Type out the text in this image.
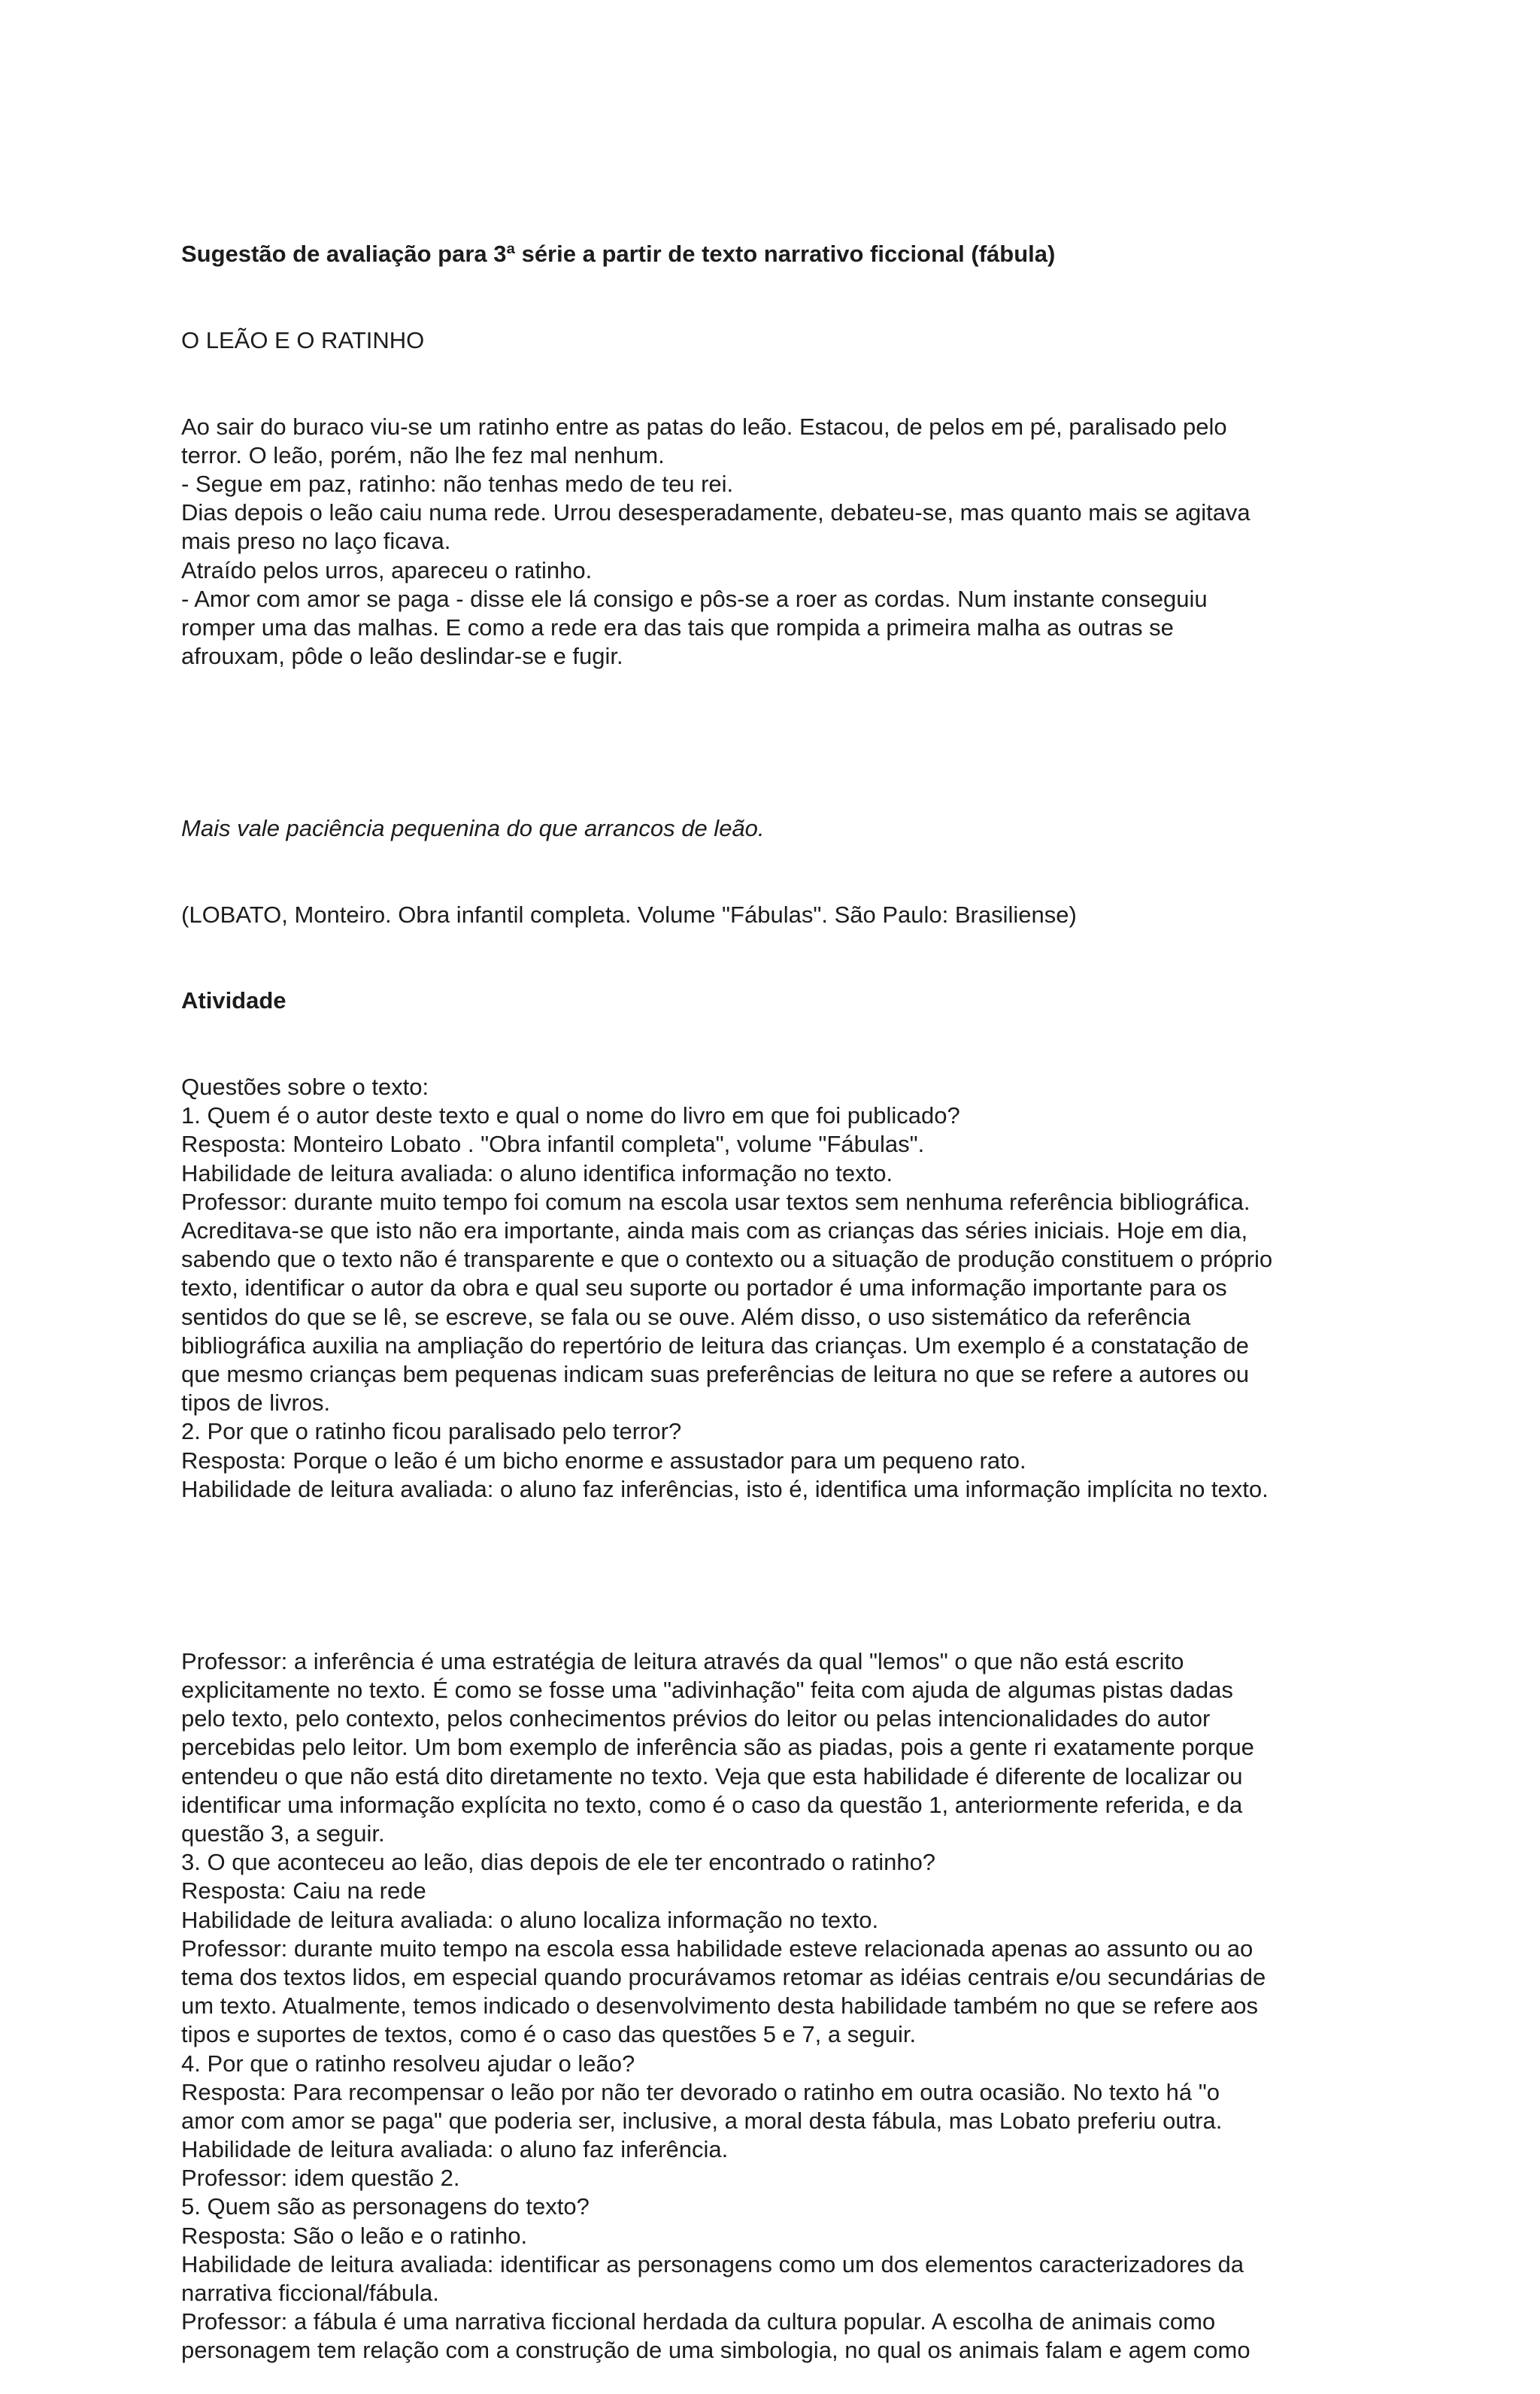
Sugestão de avaliação para 3ª série a partir de texto narrativo ficcional (fábula)

O LEÃO E O RATINHO

Ao sair do buraco viu-se um ratinho entre as patas do leão. Estacou, de pelos em pé, paralisado pelo
terror. O leão, porém, não lhe fez mal nenhum.
- Segue em paz, ratinho: não tenhas medo de teu rei.
Dias depois o leão caiu numa rede. Urrou desesperadamente, debateu-se, mas quanto mais se agitava
mais preso no laço ficava.
Atraído pelos urros, apareceu o ratinho.
- Amor com amor se paga - disse ele lá consigo e pôs-se a roer as cordas. Num instante conseguiu
romper uma das malhas. E como a rede era das tais que rompida a primeira malha as outras se
afrouxam, pôde o leão deslindar-se e fugir.

Mais vale paciência pequenina do que arrancos de leão.

(LOBATO, Monteiro. Obra infantil completa. Volume "Fábulas". São Paulo: Brasiliense)

Atividade

Questões sobre o texto:
1. Quem é o autor deste texto e qual o nome do livro em que foi publicado?
Resposta: Monteiro Lobato . "Obra infantil completa", volume "Fábulas".
Habilidade de leitura avaliada: o aluno identifica informação no texto.
Professor: durante muito tempo foi comum na escola usar textos sem nenhuma referência bibliográfica.
Acreditava-se que isto não era importante, ainda mais com as crianças das séries iniciais. Hoje em dia,
sabendo que o texto não é transparente e que o contexto ou a situação de produção constituem o próprio
texto, identificar o autor da obra e qual seu suporte ou portador é uma informação importante para os
sentidos do que se lê, se escreve, se fala ou se ouve. Além disso, o uso sistemático da referência
bibliográfica auxilia na ampliação do repertório de leitura das crianças. Um exemplo é a constatação de
que mesmo crianças bem pequenas indicam suas preferências de leitura no que se refere a autores ou
tipos de livros.
2. Por que o ratinho ficou paralisado pelo terror?
Resposta: Porque o leão é um bicho enorme e assustador para um pequeno rato.
Habilidade de leitura avaliada: o aluno faz inferências, isto é, identifica uma informação implícita no texto.

Professor: a inferência é uma estratégia de leitura através da qual "lemos" o que não está escrito
explicitamente no texto. É como se fosse uma "adivinhação" feita com ajuda de algumas pistas dadas
pelo texto, pelo contexto, pelos conhecimentos prévios do leitor ou pelas intencionalidades do autor
percebidas pelo leitor. Um bom exemplo de inferência são as piadas, pois a gente ri exatamente porque
entendeu o que não está dito diretamente no texto. Veja que esta habilidade é diferente de localizar ou
identificar uma informação explícita no texto, como é o caso da questão 1, anteriormente referida, e da
questão 3, a seguir.
3. O que aconteceu ao leão, dias depois de ele ter encontrado o ratinho?
Resposta: Caiu na rede
Habilidade de leitura avaliada: o aluno localiza informação no texto.
Professor: durante muito tempo na escola essa habilidade esteve relacionada apenas ao assunto ou ao
tema dos textos lidos, em especial quando procurávamos retomar as idéias centrais e/ou secundárias de
um texto. Atualmente, temos indicado o desenvolvimento desta habilidade também no que se refere aos
tipos e suportes de textos, como é o caso das questões 5 e 7, a seguir.
4. Por que o ratinho resolveu ajudar o leão?
Resposta: Para recompensar o leão por não ter devorado o ratinho em outra ocasião. No texto há "o
amor com amor se paga" que poderia ser, inclusive, a moral desta fábula, mas Lobato preferiu outra.
Habilidade de leitura avaliada: o aluno faz inferência.
Professor: idem questão 2.
5. Quem são as personagens do texto?
Resposta: São o leão e o ratinho.
Habilidade de leitura avaliada: identificar as personagens como um dos elementos caracterizadores da
narrativa ficcional/fábula.
Professor: a fábula é uma narrativa ficcional herdada da cultura popular. A escolha de animais como
personagem tem relação com a construção de uma simbologia, no qual os animais falam e agem como
